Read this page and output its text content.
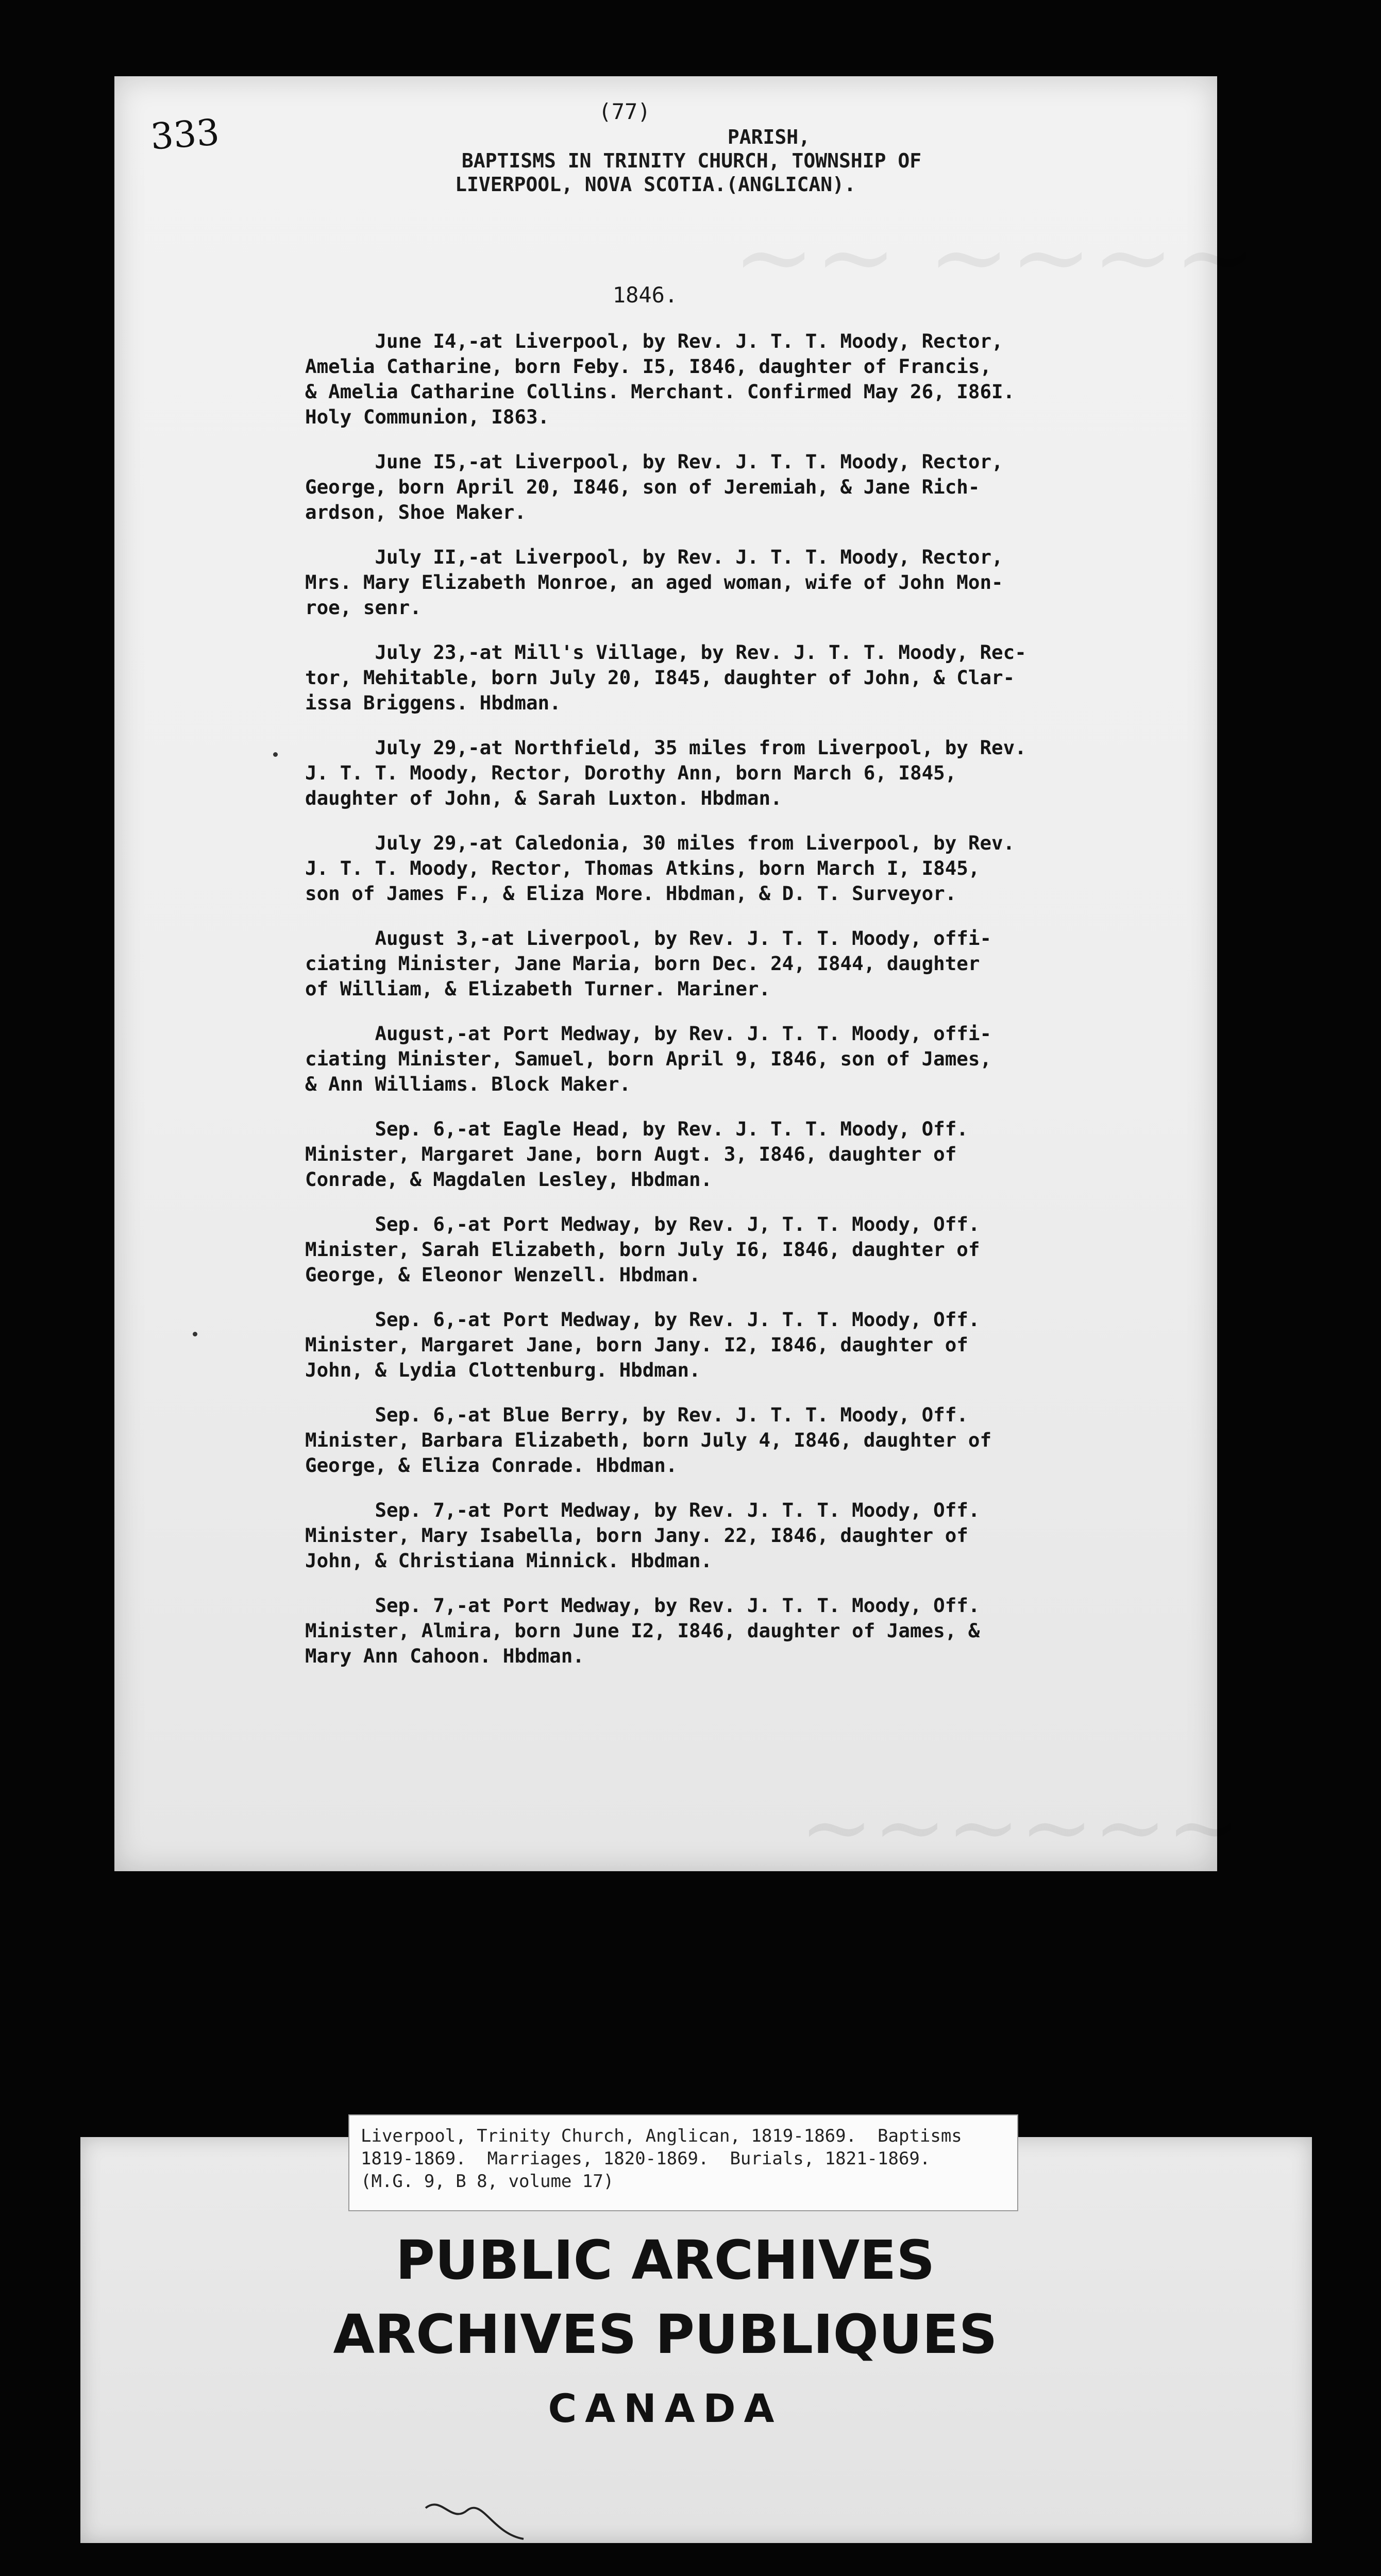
~~ ~~~~
~~~~~~
333	(77)
PARISH,
BAPTISMS IN TRINITY CHURCH, TOWNSHIP OF
LIVERPOOL, NOVA SCOTIA.(ANGLICAN).
1846.
June I4,-at Liverpool, by Rev. J. T. T. Moody, Rector,
Amelia Catharine, born Feby. I5, I846, daughter of Francis,
& Amelia Catharine Collins. Merchant. Confirmed May 26, I86I.
Holy Communion, I863.
June I5,-at Liverpool, by Rev. J. T. T. Moody, Rector,
George, born April 20, I846, son of Jeremiah, & Jane Rich-
ardson, Shoe Maker.
July II,-at Liverpool, by Rev. J. T. T. Moody, Rector,
Mrs. Mary Elizabeth Monroe, an aged woman, wife of John Mon-
roe, senr.
July 23,-at Mill's Village, by Rev. J. T. T. Moody, Rec-
tor, Mehitable, born July 20, I845, daughter of John, & Clar-
issa Briggens. Hbdman.
July 29,-at Northfield, 35 miles from Liverpool, by Rev.
J. T. T. Moody, Rector, Dorothy Ann, born March 6, I845,
daughter of John, & Sarah Luxton. Hbdman.
July 29,-at Caledonia, 30 miles from Liverpool, by Rev.
J. T. T. Moody, Rector, Thomas Atkins, born March I, I845,
son of James F., & Eliza More. Hbdman, & D. T. Surveyor.
August 3,-at Liverpool, by Rev. J. T. T. Moody, offi-
ciating Minister, Jane Maria, born Dec. 24, I844, daughter
of William, & Elizabeth Turner. Mariner.
August,-at Port Medway, by Rev. J. T. T. Moody, offi-
ciating Minister, Samuel, born April 9, I846, son of James,
& Ann Williams. Block Maker.
Sep. 6,-at Eagle Head, by Rev. J. T. T. Moody, Off.
Minister, Margaret Jane, born Augt. 3, I846, daughter of
Conrade, & Magdalen Lesley, Hbdman.
Sep. 6,-at Port Medway, by Rev. J, T. T. Moody, Off.
Minister, Sarah Elizabeth, born July I6, I846, daughter of
George, & Eleonor Wenzell. Hbdman.
Sep. 6,-at Port Medway, by Rev. J. T. T. Moody, Off.
Minister, Margaret Jane, born Jany. I2, I846, daughter of
John, & Lydia Clottenburg. Hbdman.
Sep. 6,-at Blue Berry, by Rev. J. T. T. Moody, Off.
Minister, Barbara Elizabeth, born July 4, I846, daughter of
George, & Eliza Conrade. Hbdman.
Sep. 7,-at Port Medway, by Rev. J. T. T. Moody, Off.
Minister, Mary Isabella, born Jany. 22, I846, daughter of
John, & Christiana Minnick. Hbdman.
Sep. 7,-at Port Medway, by Rev. J. T. T. Moody, Off.
Minister, Almira, born June I2, I846, daughter of James, &
Mary Ann Cahoon. Hbdman.
Liverpool, Trinity Church, Anglican, 1819-1869.  Baptisms
1819-1869.  Marriages, 1820-1869.  Burials, 1821-1869.
(M.G. 9, B 8, volume 17)
PUBLIC ARCHIVES
ARCHIVES PUBLIQUES
CANADA
